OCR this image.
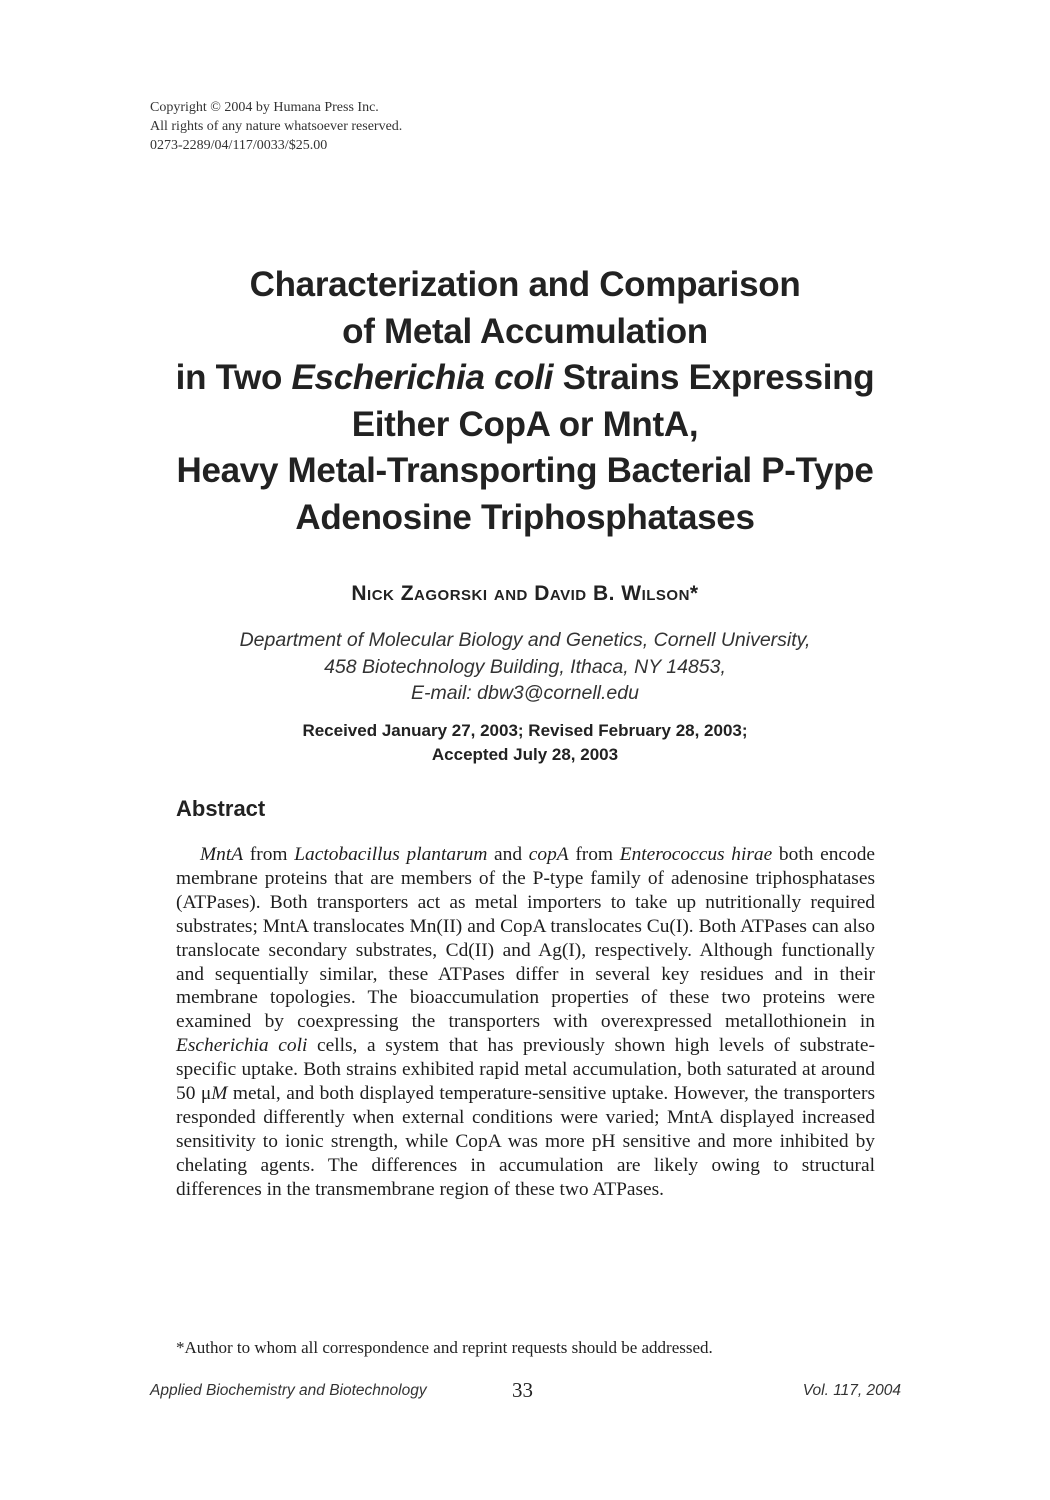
Copyright © 2004 by Humana Press Inc.
All rights of any nature whatsoever reserved.
0273-2289/04/117/0033/$25.00
Characterization and Comparison
of Metal Accumulation
in Two Escherichia coli Strains Expressing
Either CopA or MntA,
Heavy Metal-Transporting Bacterial P-Type
Adenosine Triphosphatases
Nick Zagorski and David B. Wilson*
Department of Molecular Biology and Genetics, Cornell University,
458 Biotechnology Building, Ithaca, NY 14853,
E-mail: dbw3@cornell.edu
Received January 27, 2003; Revised February 28, 2003;
Accepted July 28, 2003
Abstract

MntA from Lactobacillus plantarum and copA from Enterococcus hirae both encode membrane proteins that are members of the P-type family of adenosine triphosphatases (ATPases). Both transporters act as metal importers to take up nutritionally required substrates; MntA translocates Mn(II) and CopA translocates Cu(I). Both ATPases can also translocate secondary substrates, Cd(II) and Ag(I), respectively. Although functionally and sequentially similar, these ATPases differ in several key residues and in their membrane topologies. The bioaccumulation properties of these two proteins were examined by coexpressing the transporters with overexpressed metallothionein in Escherichia coli cells, a system that has previously shown high levels of substrate-specific uptake. Both strains exhibited rapid metal accumulation, both saturated at around 50 μM metal, and both displayed temperature-sensitive uptake. However, the transporters responded differently when external conditions were varied; MntA displayed increased sensitivity to ionic strength, while CopA was more pH sensitive and more inhibited by chelating agents. The differences in accumulation are likely owing to structural differences in the transmembrane region of these two ATPases.

*Author to whom all correspondence and reprint requests should be addressed.
Applied Biochemistry and Biotechnology	33	Vol. 117, 2004
